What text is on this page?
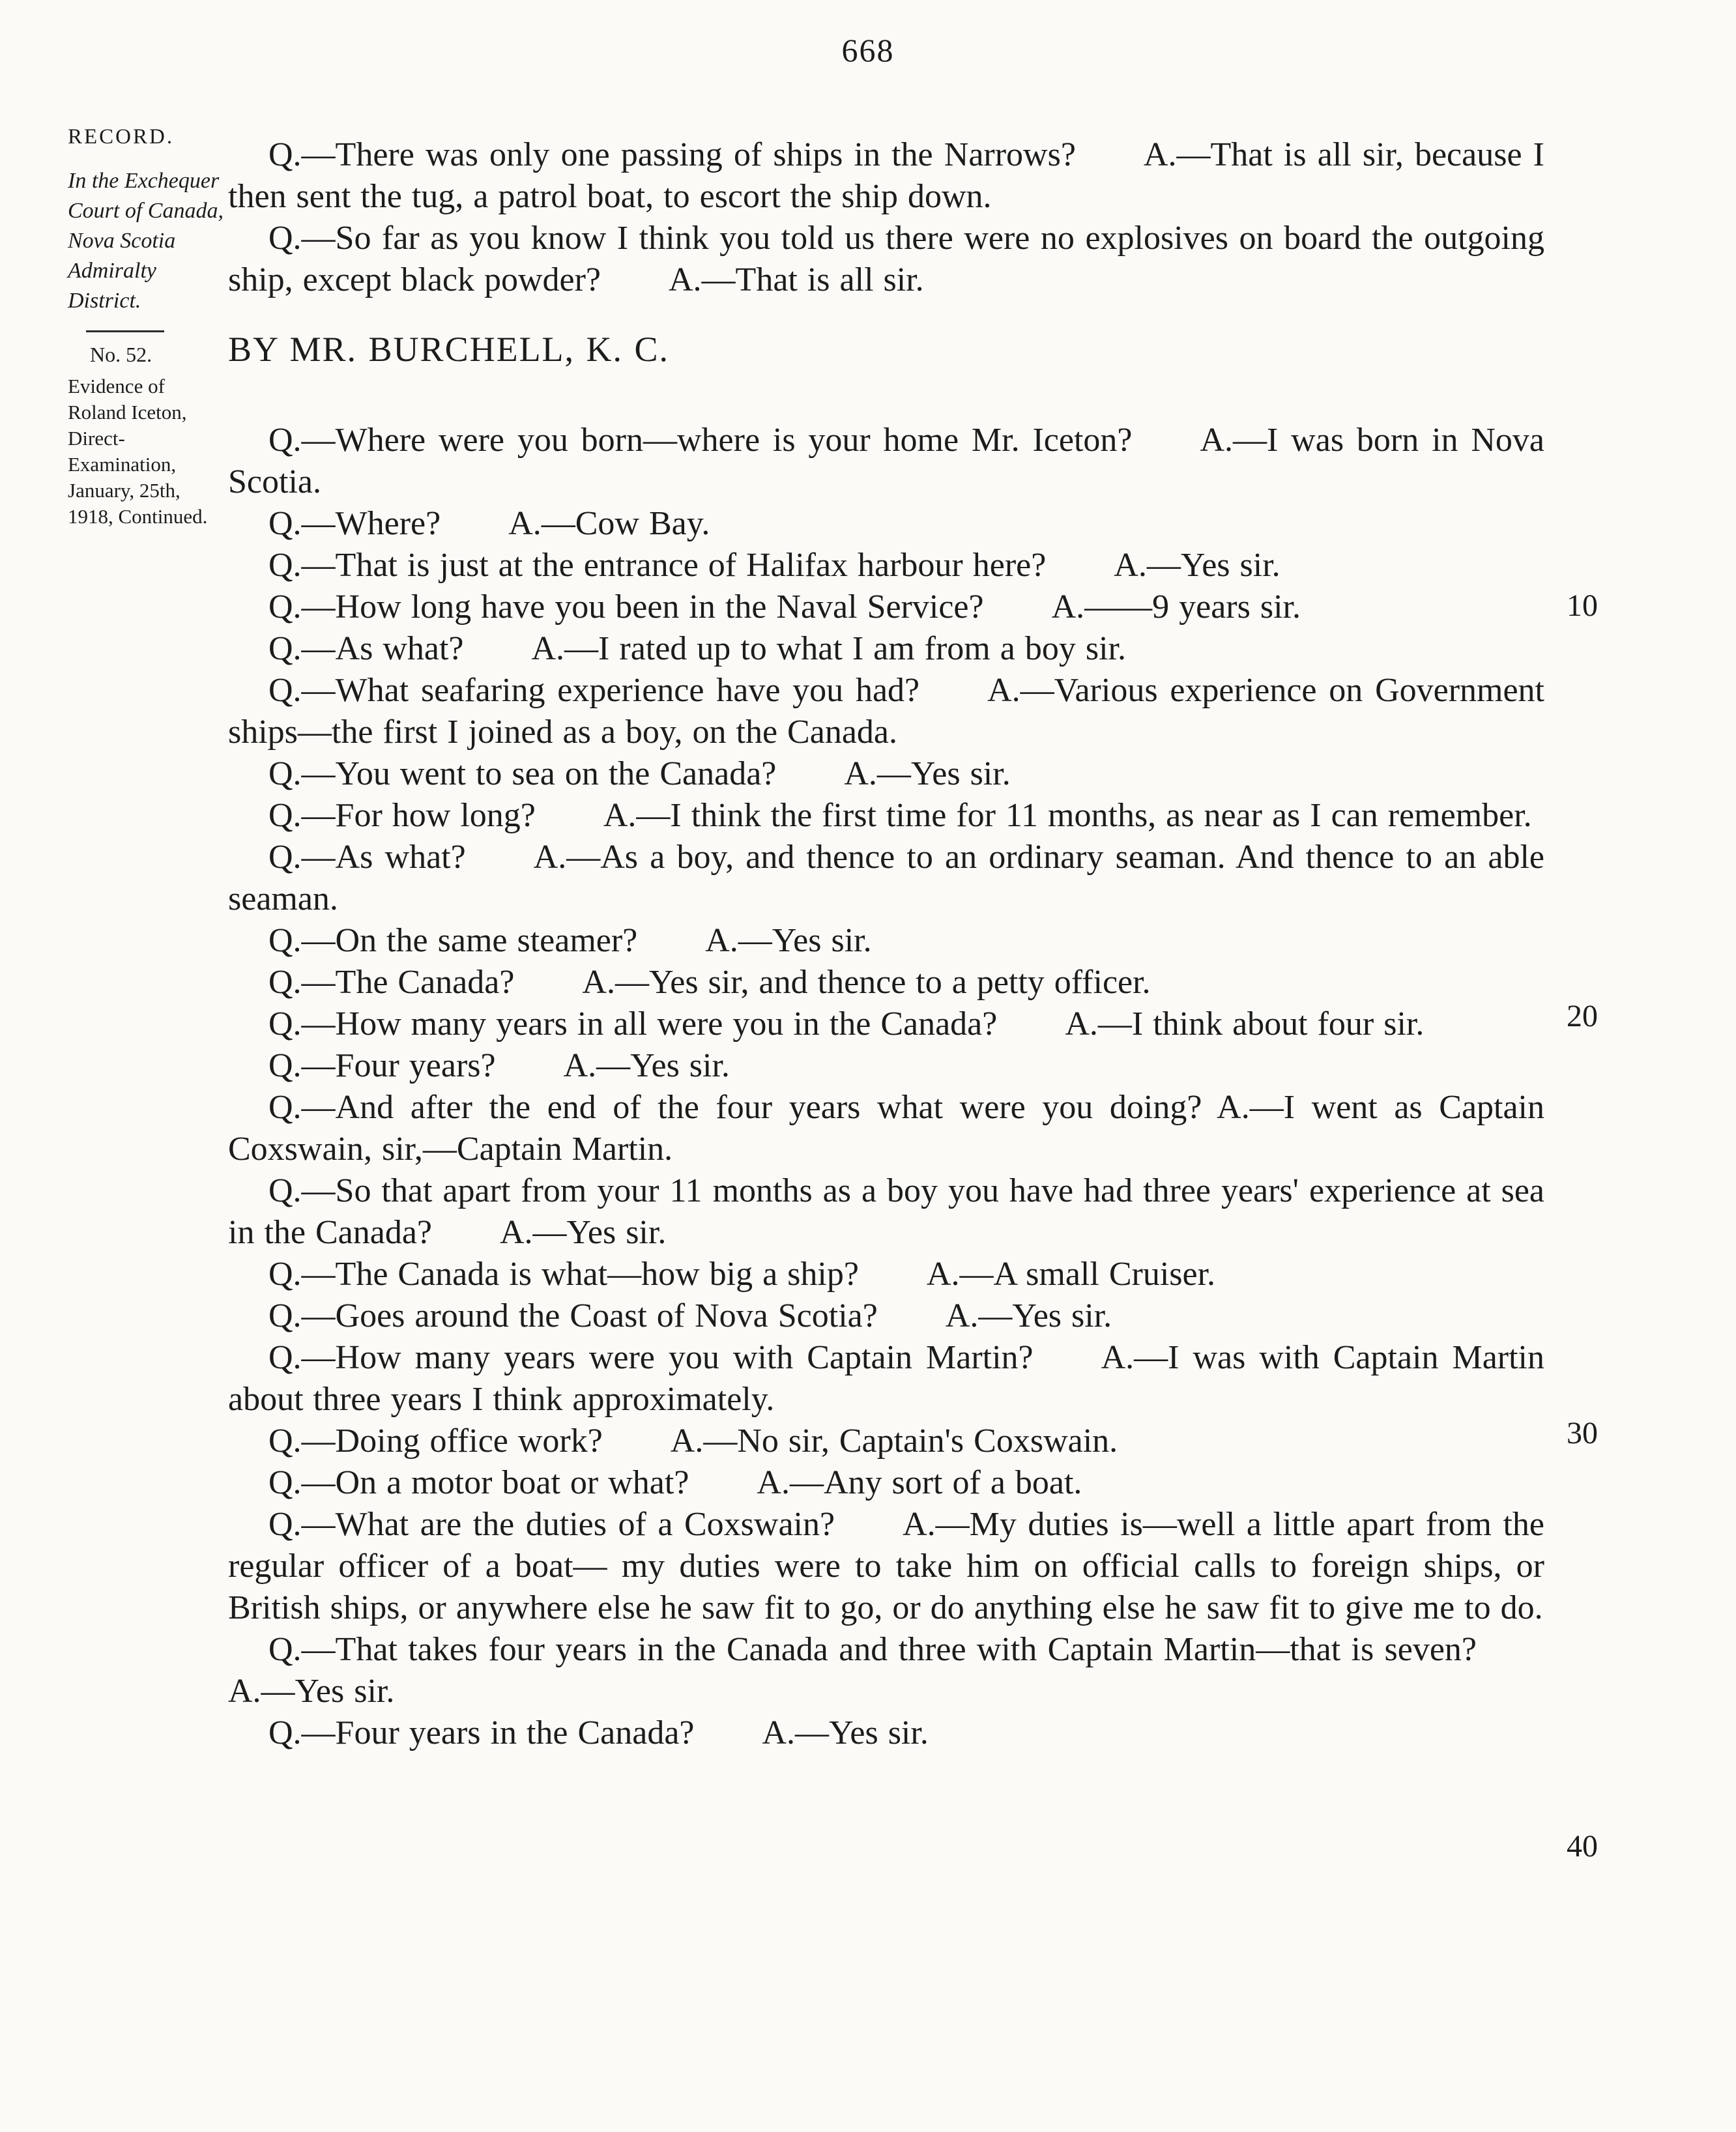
668
RECORD.
In the Exchequer Court of Canada, Nova Scotia Admiralty District.
No. 52.
Evidence of Roland Iceton, Direct-Examination, January, 25th, 1918, Continued.

Q.—There was only one passing of ships in the Narrows?  A.—That is all sir, because I then sent the tug, a patrol boat, to escort the ship down.

Q.—So far as you know I think you told us there were no explosives on board the outgoing ship, except black powder?  A.—That is all sir.

BY MR. BURCHELL, K. C.

Q.—Where were you born—where is your home Mr. Iceton?  A.—I was born in Nova Scotia.

Q.—Where?  A.—Cow Bay.

Q.—That is just at the entrance of Halifax harbour here?  A.—Yes sir.

Q.—How long have you been in the Naval Service?  A.——9 years sir.

Q.—As what?  A.—I rated up to what I am from a boy sir.

Q.—What seafaring experience have you had?  A.—Various experience on Government ships—the first I joined as a boy, on the Canada.

Q.—You went to sea on the Canada?  A.—Yes sir.

Q.—For how long?  A.—I think the first time for 11 months, as near as I can remember.

Q.—As what?  A.—As a boy, and thence to an ordinary seaman. And thence to an able seaman.

Q.—On the same steamer?  A.—Yes sir.

Q.—The Canada?  A.—Yes sir, and thence to a petty officer.

Q.—How many years in all were you in the Canada?  A.—I think about four sir.

Q.—Four years?  A.—Yes sir.

Q.—And after the end of the four years what were you doing? A.—I went as Captain Coxswain, sir,—Captain Martin.

Q.—So that apart from your 11 months as a boy you have had three years' experience at sea in the Canada?  A.—Yes sir.

Q.—The Canada is what—how big a ship?  A.—A small Cruiser.

Q.—Goes around the Coast of Nova Scotia?  A.—Yes sir.

Q.—How many years were you with Captain Martin?  A.—I was with Captain Martin about three years I think approximately.

Q.—Doing office work?  A.—No sir, Captain's Coxswain.

Q.—On a motor boat or what?  A.—Any sort of a boat.

Q.—What are the duties of a Coxswain?  A.—My duties is—well a little apart from the regular officer of a boat— my duties were to take him on official calls to foreign ships, or British ships, or anywhere else he saw fit to go, or do anything else he saw fit to give me to do.

Q.—That takes four years in the Canada and three with Captain Martin—that is seven?  A.—Yes sir.

Q.—Four years in the Canada?  A.—Yes sir.

10
20
30
40
